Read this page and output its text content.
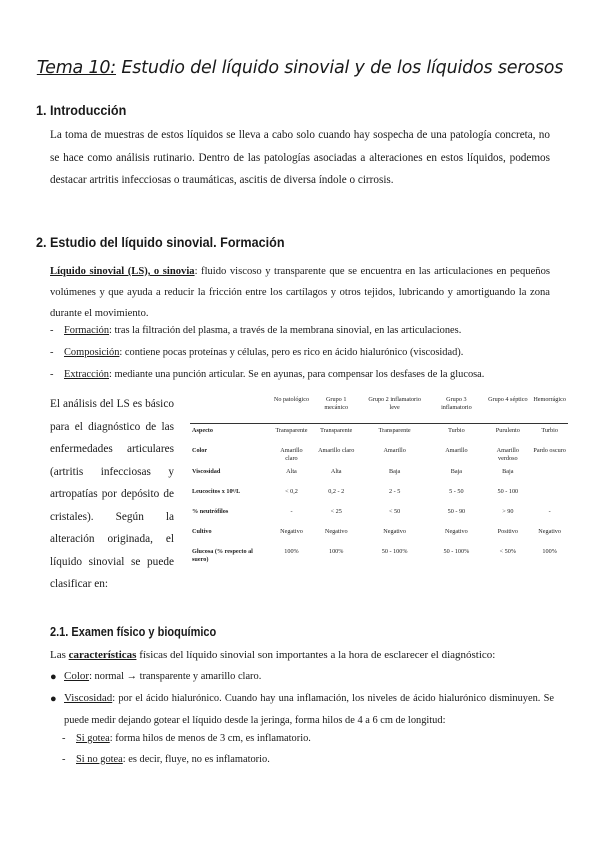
Tema 10: Estudio del líquido sinovial y de los líquidos serosos
1. Introducción

La toma de muestras de estos líquidos se lleva a cabo solo cuando hay sospecha de una patología concreta, no se hace como análisis rutinario. Dentro de las patologías asociadas a alteraciones en estos líquidos, podemos destacar artritis infecciosas o traumáticas, ascitis de diversa índole o cirrosis.

2. Estudio del líquido sinovial. Formación

Líquido sinovial (LS), o sinovia: fluido viscoso y transparente que se encuentra en las articulaciones en pequeños volúmenes y que ayuda a reducir la fricción entre los cartílagos y otros tejidos, lubricando y amortiguando la zona durante el movimiento.

- Formación: tras la filtración del plasma, a través de la membrana sinovial, en las articulaciones.
- Composición: contiene pocas proteínas y células, pero es rico en ácido hialurónico (viscosidad).
- Extracción: mediante una punción articular. Se en ayunas, para compensar los desfases de la glucosa.

El análisis del LS es básico para el diagnóstico de las enfermedades articulares (artritis infecciosas y artropatías por depósito de cristales). Según la alteración originada, el líquido sinovial se puede clasificar en:

	No patológico	Grupo 1 mecánico	Grupo 2 inflamatorio leve	Grupo 3 inflamatorio	Grupo 4 séptico	Hemorrágico
Aspecto	Transparente	Transparente	Transparente	Turbio	Purulento	Turbio
Color	Amarillo claro	Amarillo claro	Amarillo	Amarillo	Amarillo verdoso	Pardo oscuro
Viscosidad	Alta	Alta	Baja	Baja	Baja	
Leucocitos x 10⁶/L	< 0,2	0,2 - 2	2 - 5	5 - 50	50 - 100	
% neutrófilos	-	< 25	< 50	50 - 90	> 90	-
Cultivo	Negativo	Negativo	Negativo	Negativo	Positivo	Negativo
Glucosa (% respecto al suero)	100%	100%	50 - 100%	50 - 100%	< 50%	100%
2.1. Examen físico y bioquímico
Las características físicas del líquido sinovial son importantes a la hora de esclarecer el diagnóstico:
● Color: normal → transparente y amarillo claro.
● Viscosidad: por el ácido hialurónico. Cuando hay una inflamación, los niveles de ácido hialurónico disminuyen. Se puede medir dejando gotear el líquido desde la jeringa, forma hilos de 4 a 6 cm de longitud:
- Si gotea: forma hilos de menos de 3 cm, es inflamatorio.
- Si no gotea: es decir, fluye, no es inflamatorio.
